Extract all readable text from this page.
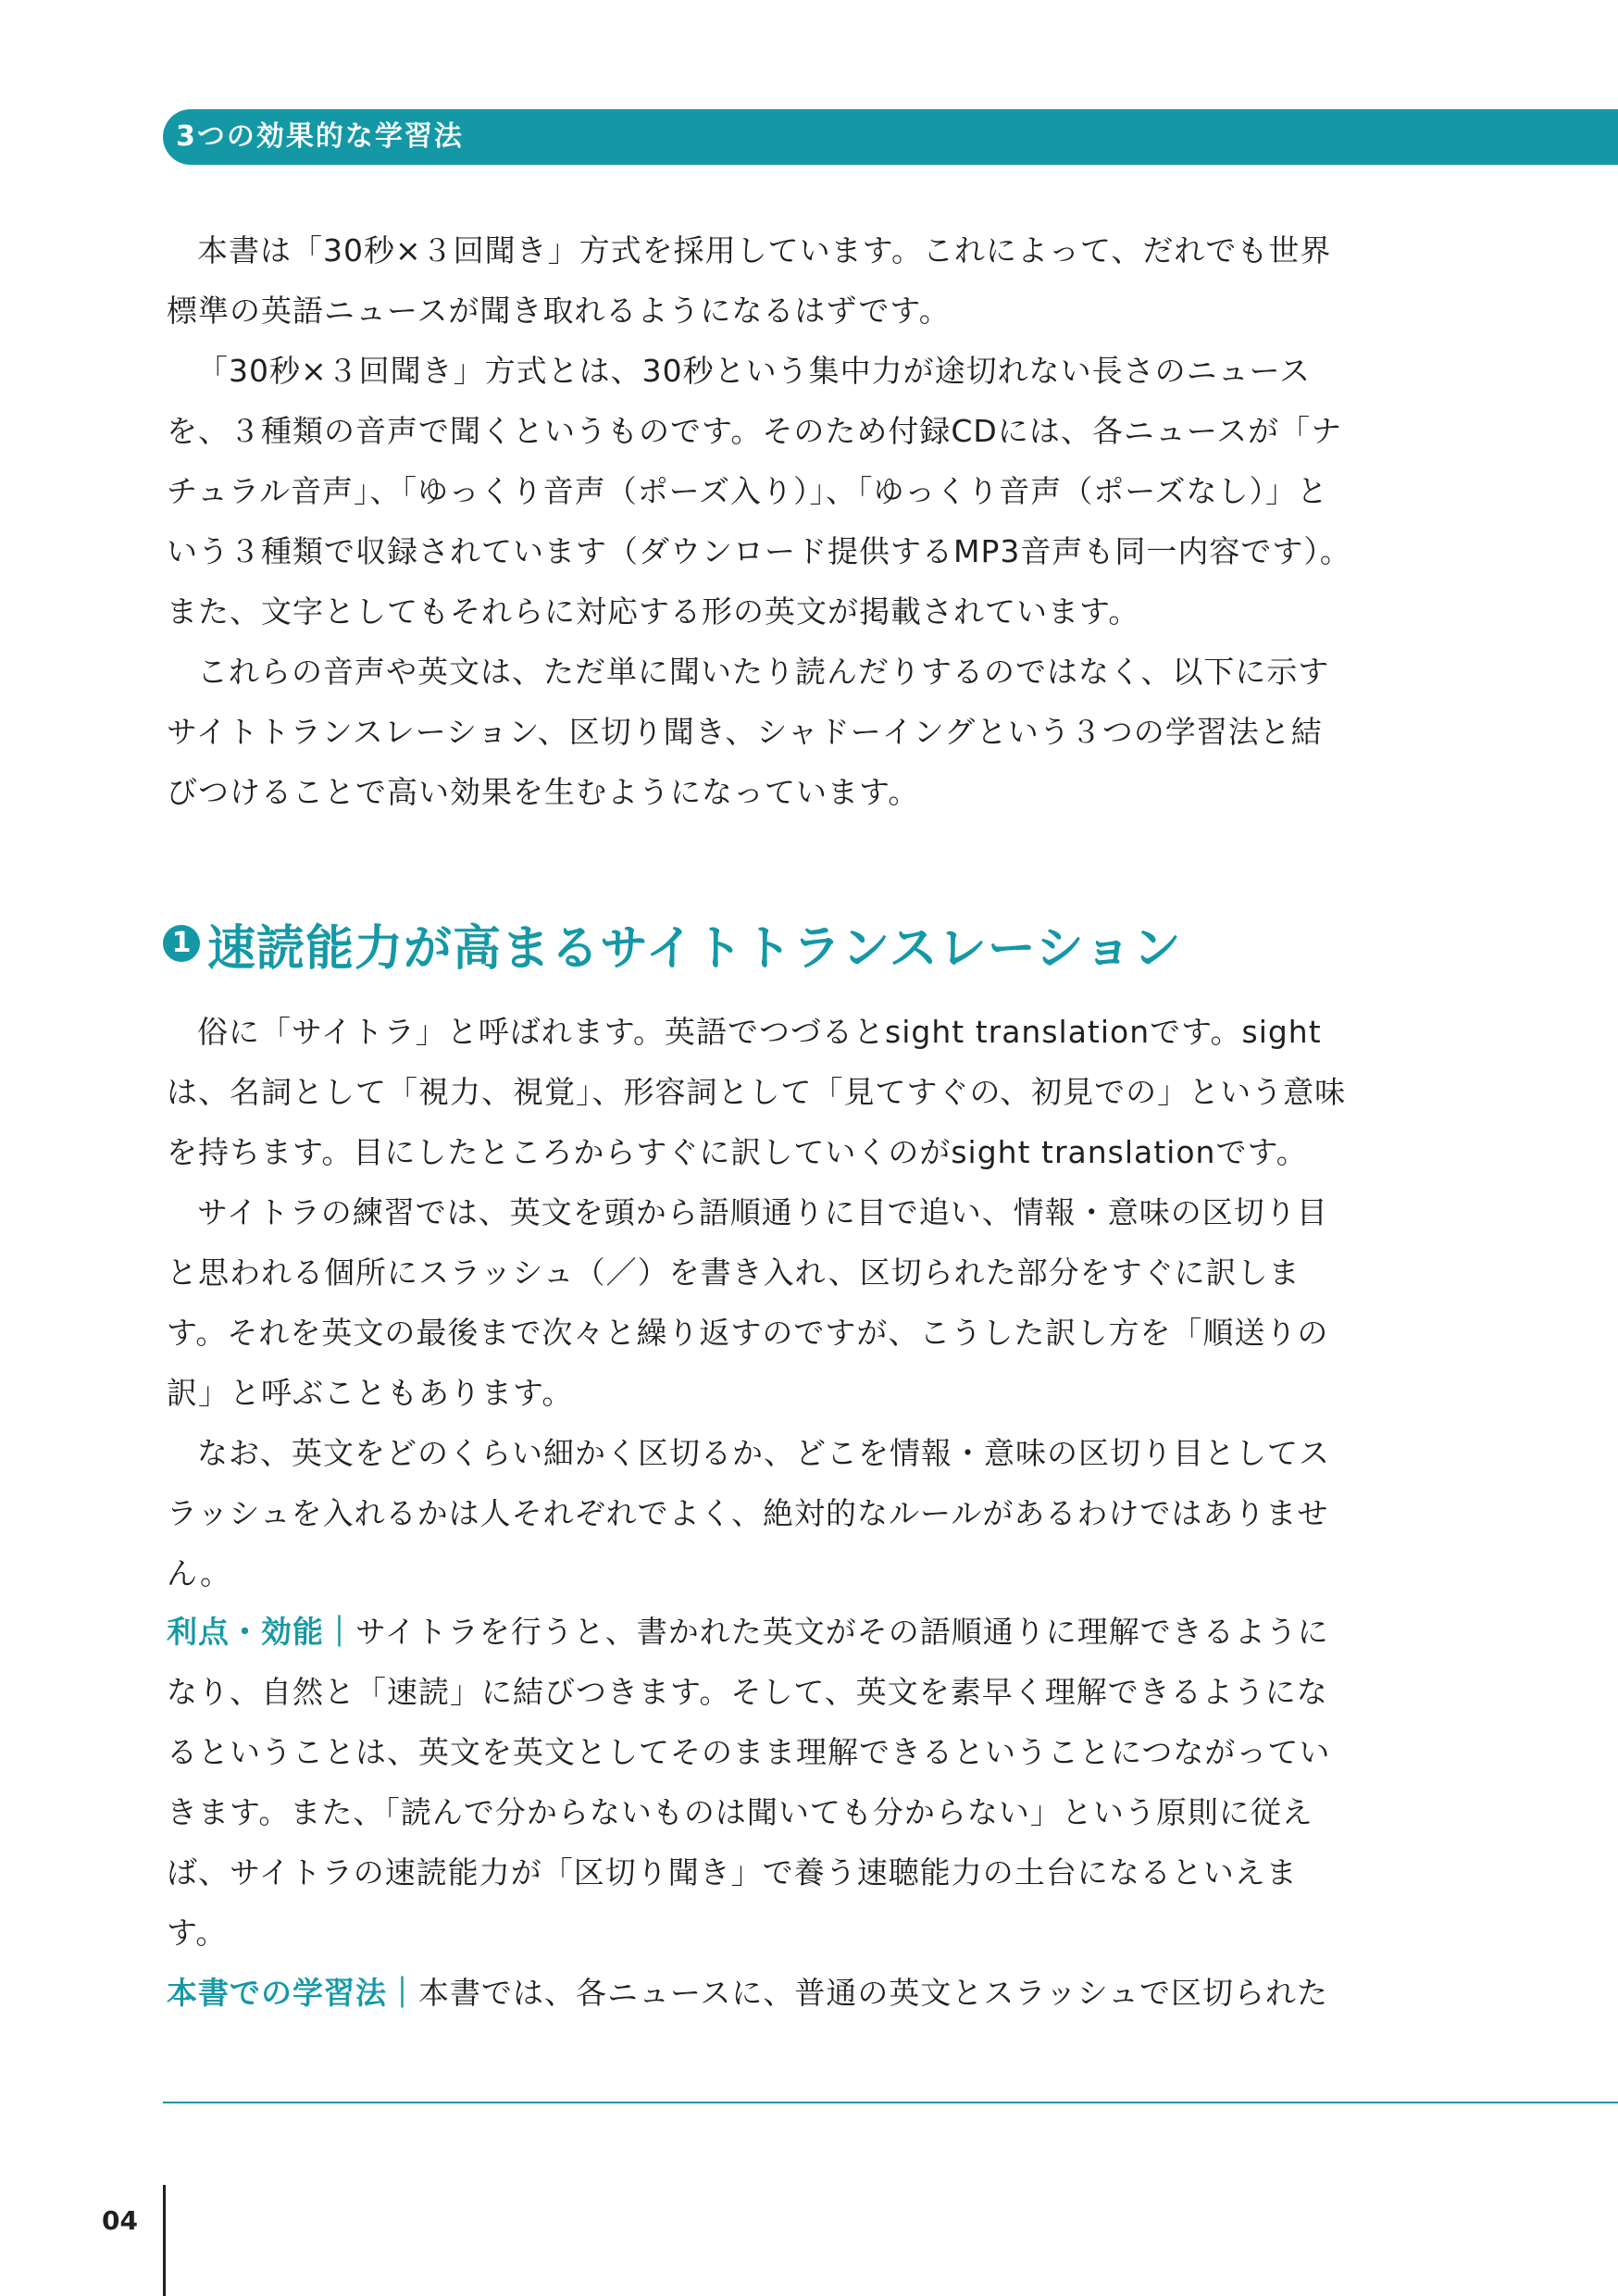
3つの効果的な学習法

本書は「30秒×３回聞き」方式を採用しています。これによって、だれでも世界標準の英語ニュースが聞き取れるようになるはずです。

「30秒×３回聞き」方式とは、30秒という集中力が途切れない長さのニュースを、３種類の音声で聞くというものです。そのため付録CDには、各ニュースが「ナチュラル音声」、「ゆっくり音声（ポーズ入り）」、「ゆっくり音声（ポーズなし）」という３種類で収録されています（ダウンロード提供するMP3音声も同一内容です）。また、文字としてもそれらに対応する形の英文が掲載されています。

これらの音声や英文は、ただ単に聞いたり読んだりするのではなく、以下に示すサイトトランスレーション、区切り聞き、シャドーイングという３つの学習法と結びつけることで高い効果を生むようになっています。

1 速読能力が高まるサイトトランスレーション

俗に「サイトラ」と呼ばれます。英語でつづるとsight translationです。sightは、名詞として「視力、視覚」、形容詞として「見てすぐの、初見での」という意味を持ちます。目にしたところからすぐに訳していくのがsight translationです。

サイトラの練習では、英文を頭から語順通りに目で追い、情報・意味の区切り目と思われる個所にスラッシュ（／）を書き入れ、区切られた部分をすぐに訳します。それを英文の最後まで次々と繰り返すのですが、こうした訳し方を「順送りの訳」と呼ぶこともあります。

なお、英文をどのくらい細かく区切るか、どこを情報・意味の区切り目としてスラッシュを入れるかは人それぞれでよく、絶対的なルールがあるわけではありません。

利点・効能｜サイトラを行うと、書かれた英文がその語順通りに理解できるようになり、自然と「速読」に結びつきます。そして、英文を素早く理解できるようになるということは、英文を英文としてそのまま理解できるということにつながっていきます。また、「読んで分からないものは聞いても分からない」という原則に従えば、サイトラの速読能力が「区切り聞き」で養う速聴能力の土台になるといえます。

本書での学習法｜本書では、各ニュースに、普通の英文とスラッシュで区切られた

04
